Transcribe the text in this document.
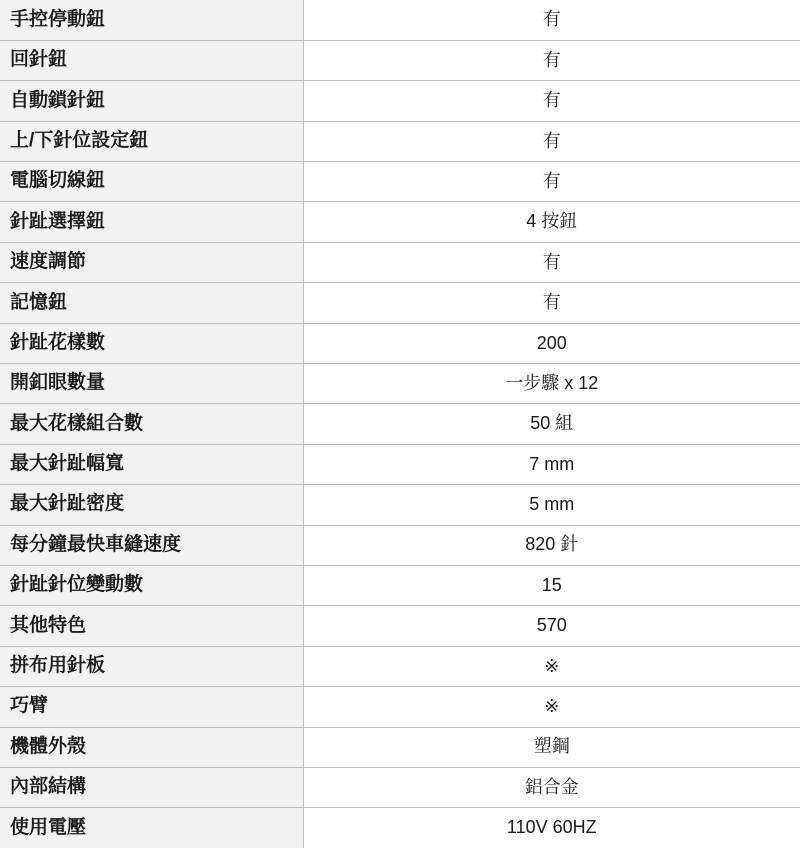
手控停動鈕	有
回針鈕	有
自動鎖針鈕	有
上/下針位設定鈕	有
電腦切線鈕	有
針趾選擇鈕	4 按鈕
速度調節	有
記憶鈕	有
針趾花樣數	200
開釦眼數量	一步驟 x 12
最大花樣組合數	50 組
最大針趾幅寬	7 mm
最大針趾密度	5 mm
每分鐘最快車縫速度	820 針
針趾針位變動數	15
其他特色	570
拼布用針板	※
巧臂	※
機體外殼	塑鋼
內部結構	鋁合金
使用電壓	110V 60HZ
